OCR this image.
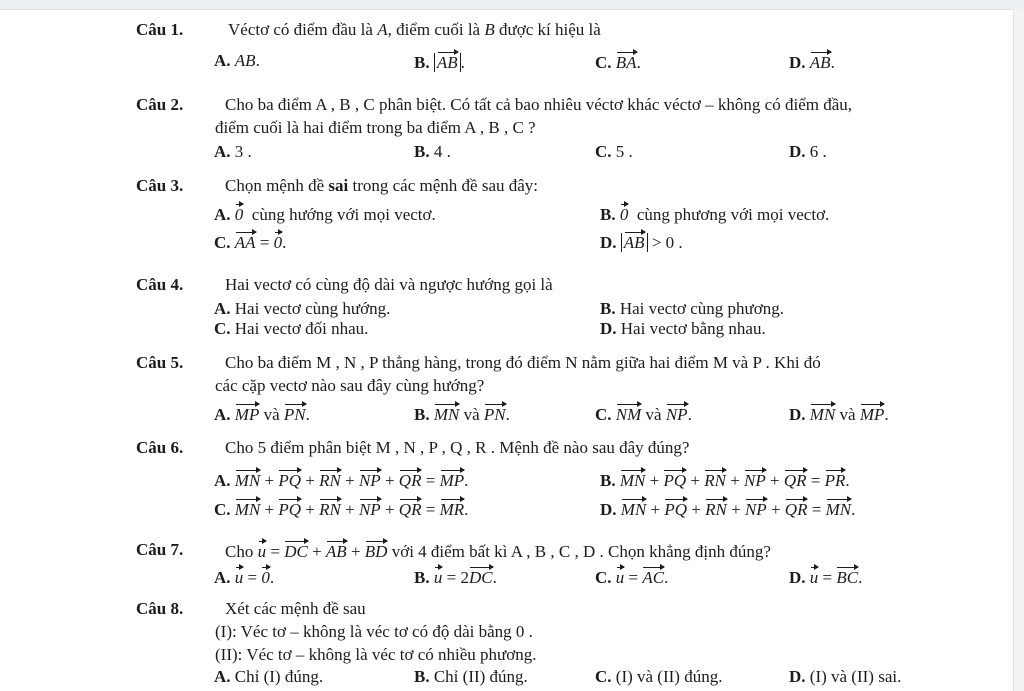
Câu 1.	Véctơ có điểm đầu là A, điểm cuối là B được kí hiệu là
A. AB.	B. AB .	C. BA.	D. AB.
Câu 2. Cho ba điểm A , B , C phân biệt. Có tất cả bao nhiêu véctơ khác véctơ – không có điểm đầu,
điểm cuối là hai điểm trong ba điểm A , B , C ?
A. 3 .	B. 4 .	C. 5 .	D. 6 .
Câu 3. Chọn mệnh đề sai trong các mệnh đề sau đây:
A. 0 cùng hướng với mọi vectơ.	B. 0 cùng phương với mọi vectơ.
C. AA = 0.	D. AB > 0 .
Câu 4. Hai vectơ có cùng độ dài và ngược hướng gọi là
A. Hai vectơ cùng hướng.	B. Hai vectơ cùng phương.
C. Hai vectơ đối nhau.	D. Hai vectơ bằng nhau.
Câu 5. Cho ba điểm M , N , P thẳng hàng, trong đó điểm N nằm giữa hai điểm M và P . Khi đó
các cặp vectơ nào sau đây cùng hướng?
A. MP và PN.	B. MN và PN.	C. NM và NP.	D. MN và MP.
Câu 6. Cho 5 điểm phân biệt M , N , P , Q , R . Mệnh đề nào sau đây đúng?
A. MN + PQ + RN + NP + QR = MP.	B. MN + PQ + RN + NP + QR = PR.
C. MN + PQ + RN + NP + QR = MR.	D. MN + PQ + RN + NP + QR = MN.
Câu 7. Cho u = DC + AB + BD với 4 điểm bất kì A , B , C , D . Chọn khẳng định đúng?
A. u = 0.	B. u = 2DC.	C. u = AC.	D. u = BC.
Câu 8. Xét các mệnh đề sau
(I): Véc tơ – không là véc tơ có độ dài bằng 0 .
(II): Véc tơ – không là véc tơ có nhiều phương.
A. Chỉ (I) đúng.	B. Chỉ (II) đúng.	C. (I) và (II) đúng.	D. (I) và (II) sai.
